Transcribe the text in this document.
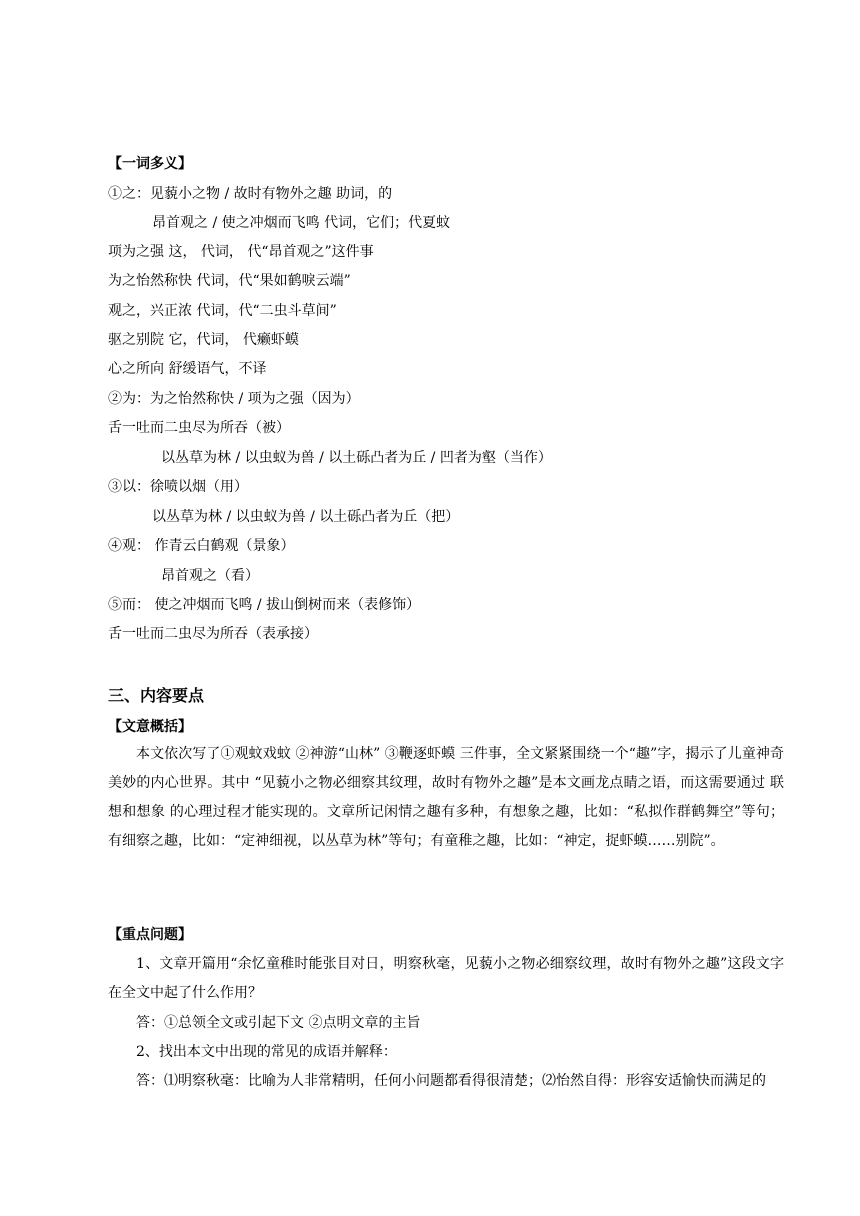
【一词多义】
①之：见藐小之物 / 故时有物外之趣 助词，的
昂首观之 / 使之冲烟而飞鸣 代词，它们；代夏蚊
项为之强 这， 代词， 代“昂首观之”这件事
为之怡然称快 代词，代“果如鹤唳云端”
观之，兴正浓 代词，代“二虫斗草间”
驱之别院 它，代词， 代癞虾蟆
心之所向 舒缓语气，不译
②为：为之怡然称快 / 项为之强（因为）
舌一吐而二虫尽为所吞（被）
以丛草为林 / 以虫蚁为兽 / 以土砾凸者为丘 / 凹者为壑（当作）
③以：徐喷以烟（用）
以丛草为林 / 以虫蚁为兽 / 以土砾凸者为丘（把）
④观： 作青云白鹤观（景象）
昂首观之（看）
⑤而： 使之冲烟而飞鸣 / 拔山倒树而来（表修饰）
舌一吐而二虫尽为所吞（表承接）
三、内容要点
【文意概括】
本文依次写了①观蚊戏蚊 ②神游“山林” ③鞭逐虾蟆 三件事，全文紧紧围绕一个“趣”字，揭示了儿童神奇美妙的内心世界。其中 “见藐小之物必细察其纹理，故时有物外之趣”是本文画龙点睛之语，而这需要通过 联想和想象 的心理过程才能实现的。文章所记闲情之趣有多种，有想象之趣，比如：“私拟作群鹤舞空”等句； 有细察之趣，比如：“定神细视，以丛草为林”等句；有童稚之趣，比如：“神定，捉虾蟆……别院”。
【重点问题】
1、文章开篇用“余忆童稚时能张目对日，明察秋毫，见藐小之物必细察纹理，故时有物外之趣”这段文字在全文中起了什么作用？
答：①总领全文或引起下文 ②点明文章的主旨
2、找出本文中出现的常见的成语并解释：
答：⑴明察秋毫：比喻为人非常精明，任何小问题都看得很清楚；⑵怡然自得：形容安适愉快而满足的
